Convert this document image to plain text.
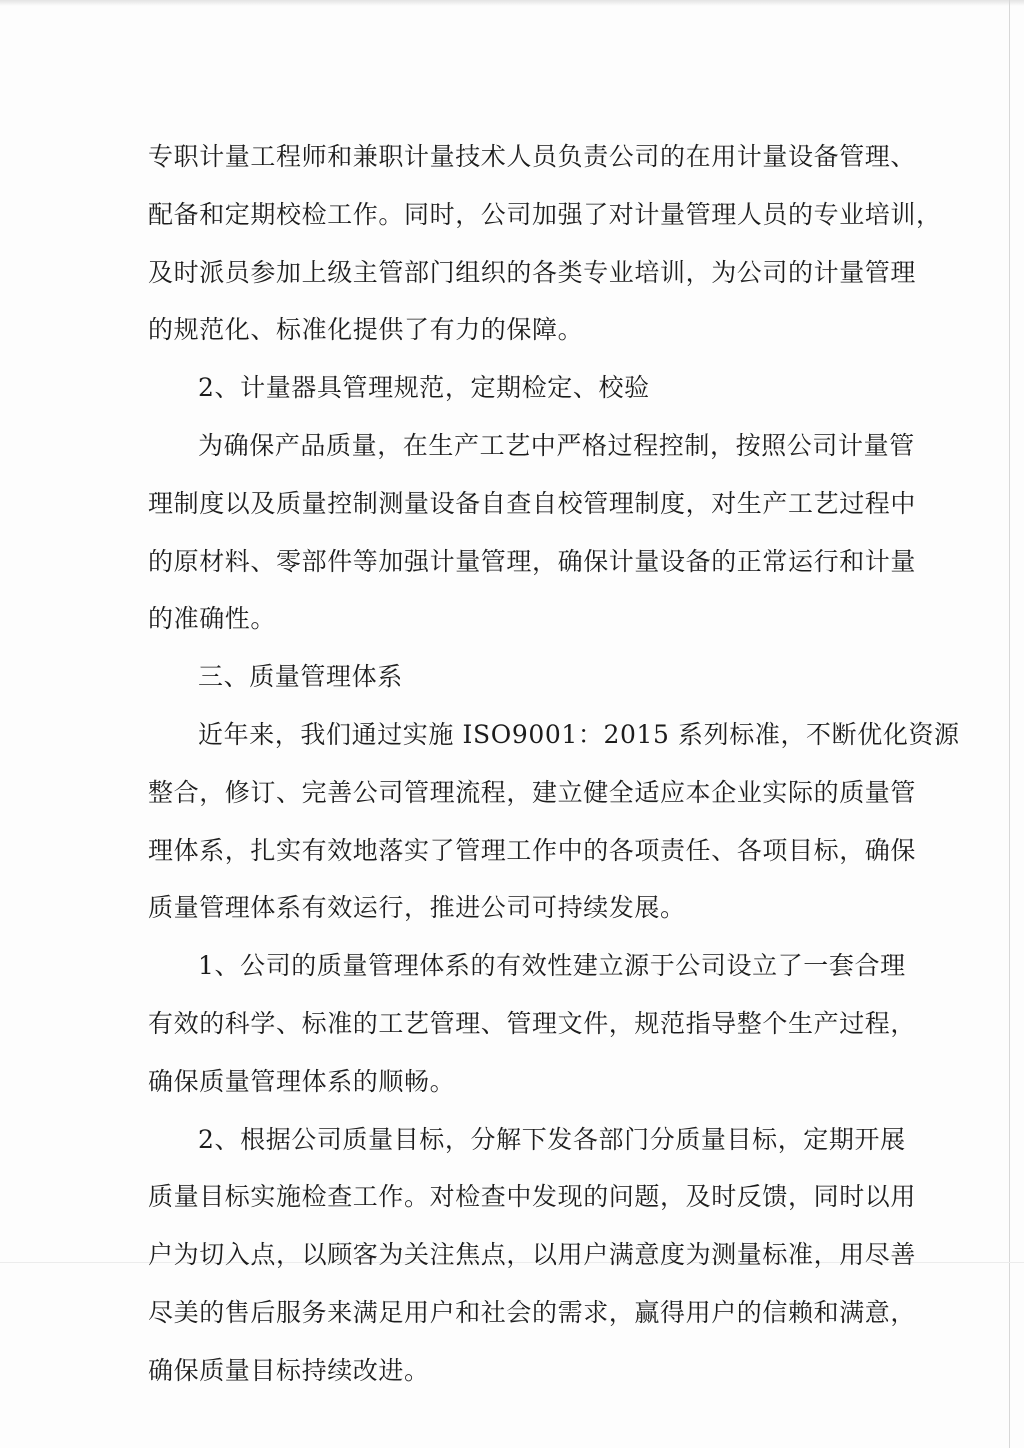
专职计量工程师和兼职计量技术人员负责公司的在用计量设备管理、
配备和定期校检工作。同时，公司加强了对计量管理人员的专业培训，
及时派员参加上级主管部门组织的各类专业培训，为公司的计量管理
的规范化、标准化提供了有力的保障。
2、计量器具管理规范，定期检定、校验
为确保产品质量，在生产工艺中严格过程控制，按照公司计量管
理制度以及质量控制测量设备自查自校管理制度，对生产工艺过程中
的原材料、零部件等加强计量管理，确保计量设备的正常运行和计量
的准确性。
三、质量管理体系
近年来，我们通过实施 ISO9001：2015 系列标准，不断优化资源
整合，修订、完善公司管理流程，建立健全适应本企业实际的质量管
理体系，扎实有效地落实了管理工作中的各项责任、各项目标，确保
质量管理体系有效运行，推进公司可持续发展。
1、公司的质量管理体系的有效性建立源于公司设立了一套合理
有效的科学、标准的工艺管理、管理文件，规范指导整个生产过程，
确保质量管理体系的顺畅。
2、根据公司质量目标，分解下发各部门分质量目标，定期开展
质量目标实施检查工作。对检查中发现的问题，及时反馈，同时以用
户为切入点，以顾客为关注焦点，以用户满意度为测量标准，用尽善
尽美的售后服务来满足用户和社会的需求，赢得用户的信赖和满意，
确保质量目标持续改进。
